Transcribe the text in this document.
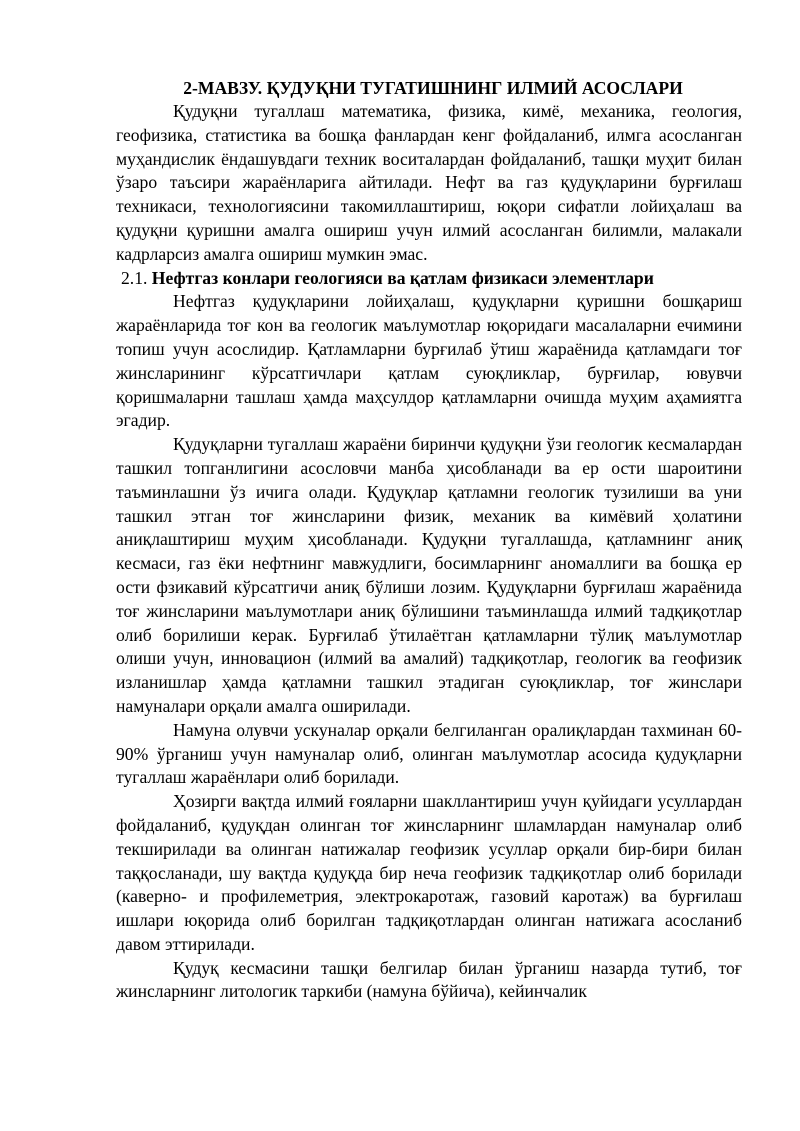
2-МАВЗУ. ҚУДУҚНИ ТУГАТИШНИНГ ИЛМИЙ АСОСЛАРИ

Қудуқни тугаллаш математика, физика, кимё, механика, геология, геофизика, статистика ва бошқа фанлардан кенг фойдаланиб, илмга асосланган муҳандислик ёндашувдаги техник воситалардан фойдаланиб, ташқи муҳит билан ўзаро таъсири жараёнларига айтилади. Нефт ва газ қудуқларини бурғилаш техникаси, технологиясини такомиллаштириш, юқори сифатли лойиҳалаш ва қудуқни қуришни амалга ошириш учун илмий асосланган билимли, малакали кадрларсиз амалга ошириш мумкин эмас.

2.1. Нефтгаз конлари геологияси ва қатлам физикаси элементлари

Нефтгаз қудуқларини лойиҳалаш, қудуқларни қуришни бошқариш жараёнларида тоғ кон ва геологик маълумотлар юқоридаги масалаларни ечимини топиш учун асослидир. Қатламларни бурғилаб ўтиш жараёнида қатламдаги тоғ жинсларининг кўрсатгичлари қатлам суюқликлар, бурғилар, ювувчи қоришмаларни ташлаш ҳамда маҳсулдор қатламларни очишда муҳим аҳамиятга эгадир.

Қудуқларни тугаллаш жараёни биринчи қудуқни ўзи геологик кесмалардан ташкил топганлигини асословчи манба ҳисобланади ва ер ости шароитини таъминлашни ўз ичига олади. Қудуқлар қатламни геологик тузилиши ва уни ташкил этган тоғ жинсларини физик, механик ва кимёвий ҳолатини аниқлаштириш муҳим ҳисобланади. Қудуқни тугаллашда, қатламнинг аниқ кесмаси, газ ёки нефтнинг мавжудлиги, босимларнинг аномаллиги ва бошқа ер ости фзикавий кўрсатгичи аниқ бўлиши лозим. Қудуқларни бурғилаш жараёнида тоғ жинсларини маълумотлари аниқ бўлишини таъминлашда илмий тадқиқотлар олиб борилиши керак. Бурғилаб ўтилаётган қатламларни тўлиқ маълумотлар олиши учун, инновацион (илмий ва амалий) тадқиқотлар, геологик ва геофизик изланишлар ҳамда қатламни ташкил этадиган суюқликлар, тоғ жинслари намуналари орқали амалга оширилади.

Намуна олувчи ускуналар орқали белгиланган оралиқлардан тахминан 60-90% ўрганиш учун намуналар олиб, олинган маълумотлар асосида қудуқларни тугаллаш жараёнлари олиб борилади.

Ҳозирги вақтда илмий ғояларни шакллантириш учун қуйидаги усуллардан фойдаланиб, қудуқдан олинган тоғ жинсларнинг шламлардан намуналар олиб текширилади ва олинган натижалар геофизик усуллар орқали бир-бири билан таққосланади, шу вақтда қудуқда бир неча геофизик тадқиқотлар олиб борилади (каверно- и профилеметрия, электрокаротаж, газовий каротаж) ва бурғилаш ишлари юқорида олиб борилган тадқиқотлардан олинган натижага асосланиб давом эттирилади.

Қудуқ кесмасини ташқи белгилар билан ўрганиш назарда тутиб, тоғ жинсларнинг литологик таркиби (намуна бўйича), кейинчалик
